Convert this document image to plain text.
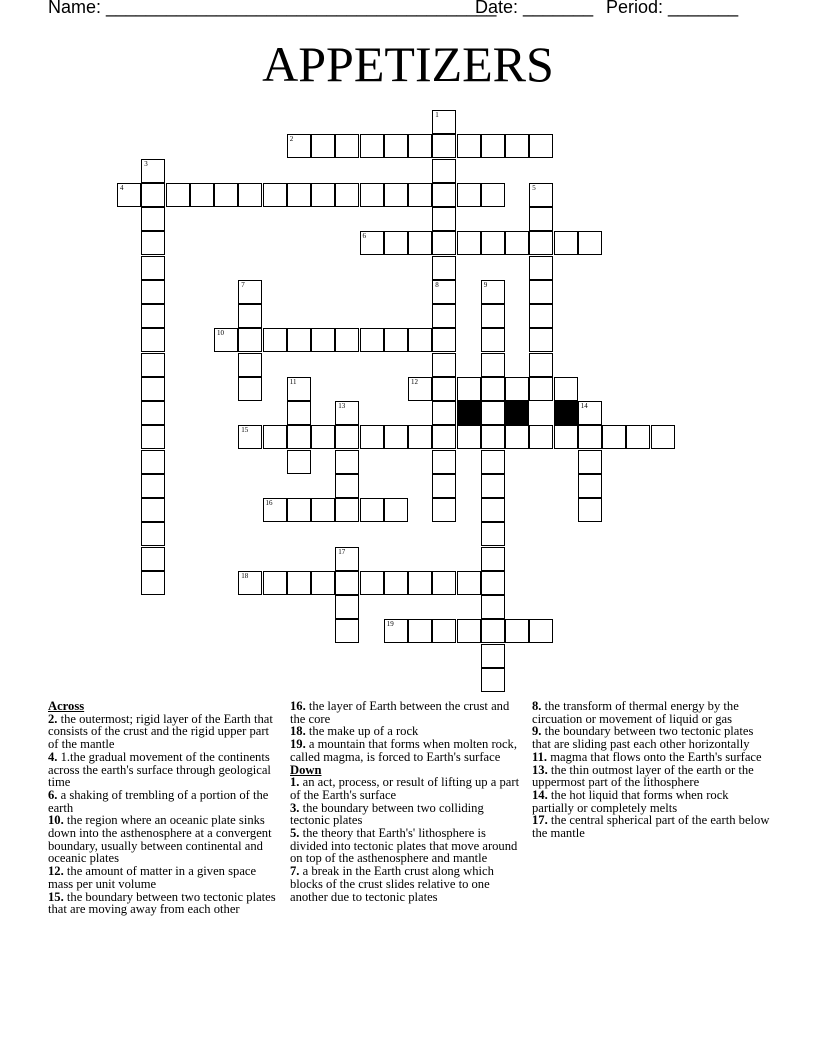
Name: _______________________________________
Date: _______ Period: _______
APPETIZERS
1
8
2
3
4	5
6
7	9
10
11	12
13	14
15
16
17
18
19
Across
2. the outermost; rigid layer of the Earth that consists of the crust and the rigid upper part of the mantle
4. 1.the gradual movement of the continents across the earth's surface through geological time
6. a shaking of trembling of a portion of the earth
10. the region where an oceanic plate sinks down into the asthenosphere at a convergent boundary, usually between continental and oceanic plates
12. the amount of matter in a given space mass per unit volume
15. the boundary between two tectonic plates that are moving away from each other
16. the layer of Earth between the crust and the core
18. the make up of a rock
19. a mountain that forms when molten rock, called magma, is forced to Earth's surface
Down
1. an act, process, or result of lifting up a part of the Earth's surface
3. the boundary between two colliding tectonic plates
5. the theory that Earth's' lithosphere is divided into tectonic plates that move around on top of the asthenosphere and mantle
7. a break in the Earth crust along which blocks of the crust slides relative to one another due to tectonic plates
8. the transform of thermal energy by the circuation or movement of liquid or gas
9. the boundary between two tectonic plates that are sliding past each other horizontally
11. magma that flows onto the Earth's surface
13. the thin outmost layer of the earth or the uppermost part of the lithosphere
14. the hot liquid that forms when rock partially or completely melts
17. the central spherical part of the earth below the mantle
